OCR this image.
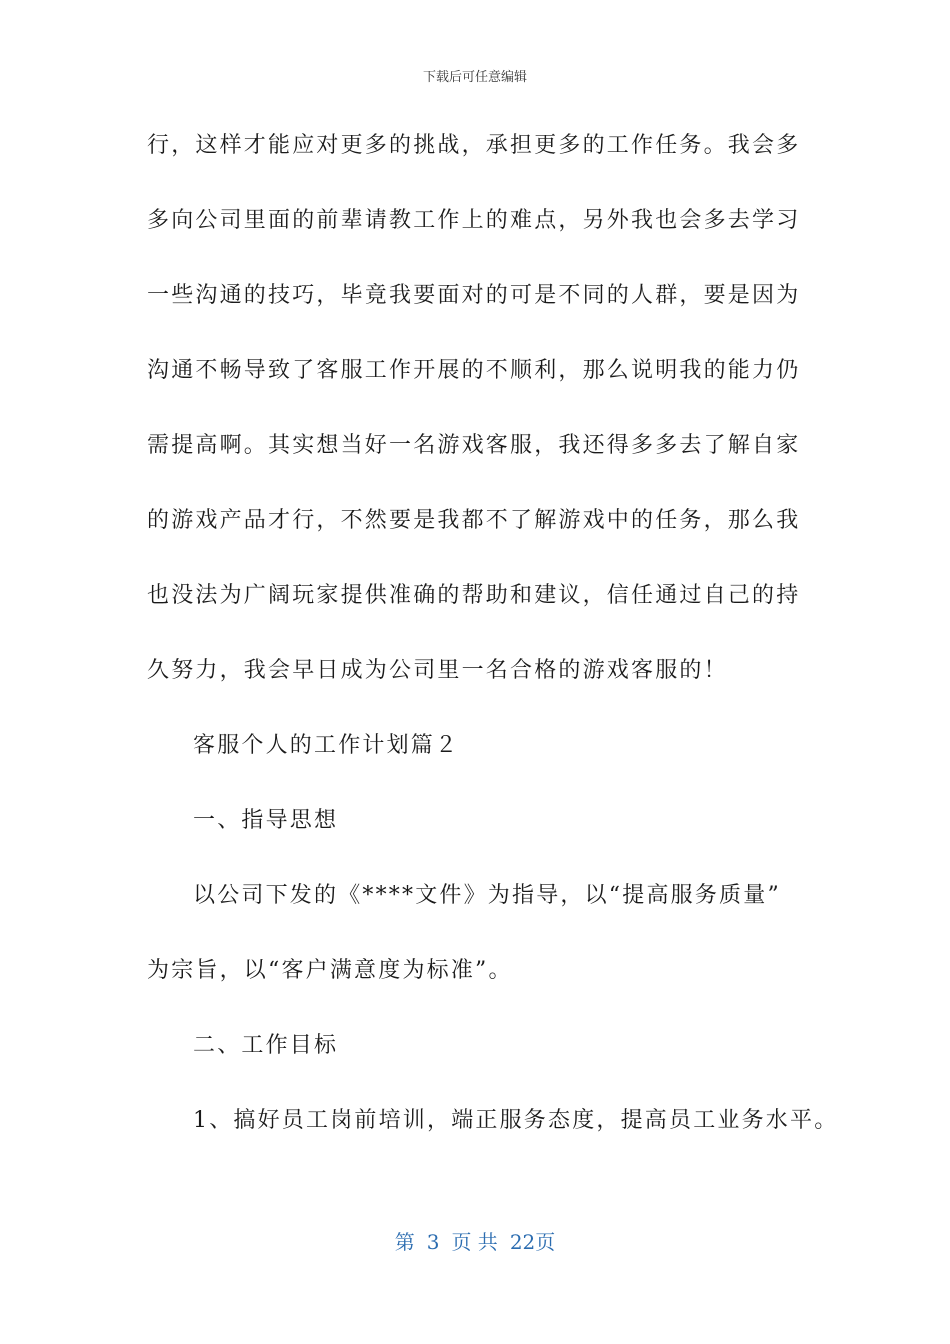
下载后可任意编辑
行，这样才能应对更多的挑战，承担更多的工作任务。我会多
多向公司里面的前辈请教工作上的难点，另外我也会多去学习
一些沟通的技巧，毕竟我要面对的可是不同的人群，要是因为
沟通不畅导致了客服工作开展的不顺利，那么说明我的能力仍
需提高啊。其实想当好一名游戏客服，我还得多多去了解自家
的游戏产品才行，不然要是我都不了解游戏中的任务，那么我
也没法为广阔玩家提供准确的帮助和建议，信任通过自己的持
久努力，我会早日成为公司里一名合格的游戏客服的！
客服个人的工作计划篇２
一、指导思想
以公司下发的《****文件》为指导，以“提高服务质量”
为宗旨，以“客户满意度为标准”。
二、工作目标
1、搞好员工岗前培训，端正服务态度，提高员工业务水平。
第 3 页 共 22页
